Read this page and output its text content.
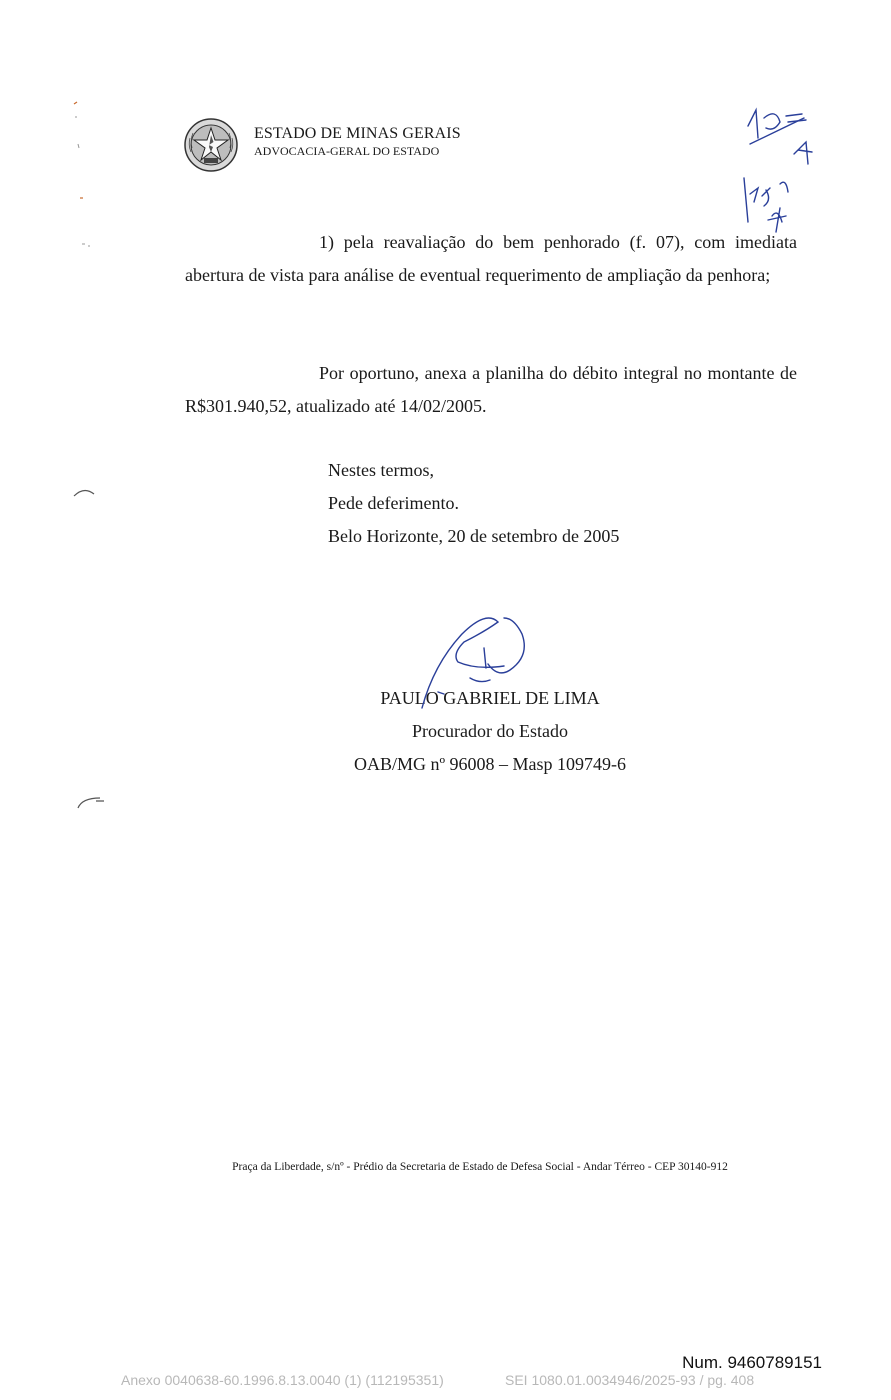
ESTADO DE MINAS GERAIS
ADVOCACIA-GERAL DO ESTADO

1) pela reavaliação do bem penhorado (f. 07), com imediata abertura de vista para análise de eventual requerimento de ampliação da penhora;

Por oportuno, anexa a planilha do débito integral no montante de R$301.940,52, atualizado até 14/02/2005.

Nestes termos,
Pede deferimento.
Belo Horizonte, 20 de setembro de 2005
PAULO GABRIEL DE LIMA
Procurador do Estado
OAB/MG nº 96008 – Masp 109749-6
Praça da Liberdade, s/nº - Prédio da Secretaria de Estado de Defesa Social - Andar Térreo - CEP 30140-912
Num. 9460789151
Anexo 0040638-60.1996.8.13.0040 (1) (112195351)	SEI 1080.01.0034946/2025-93 / pg. 408
